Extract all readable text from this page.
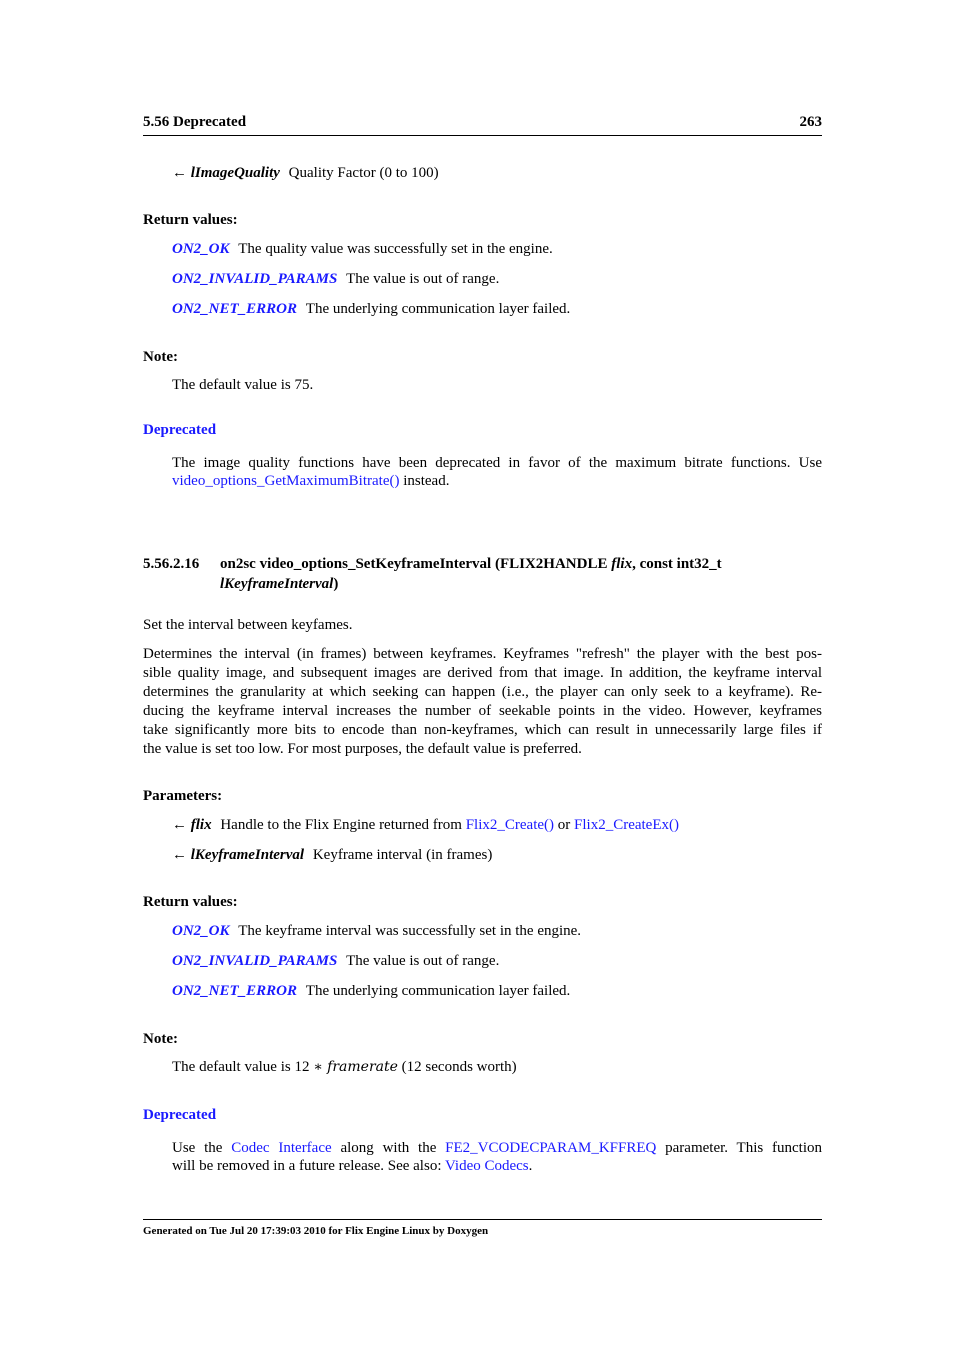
5.56 Deprecated	263
← lImageQuality Quality Factor (0 to 100)
Return values:
ON2_OK The quality value was successfully set in the engine.
ON2_INVALID_PARAMS The value is out of range.
ON2_NET_ERROR The underlying communication layer failed.
Note:
The default value is 75.
Deprecated
The image quality functions have been deprecated in favor of the maximum bitrate functions. Use
video_options_GetMaximumBitrate() instead.
5.56.2.16 on2sc video_options_SetKeyframeInterval (FLIX2HANDLE flix, const int32_t
lKeyframeInterval)
Set the interval between keyfames.
Determines the interval (in frames) between keyframes. Keyframes "refresh" the player with the best pos-
sible quality image, and subsequent images are derived from that image. In addition, the keyframe interval
determines the granularity at which seeking can happen (i.e., the player can only seek to a keyframe). Re-
ducing the keyframe interval increases the number of seekable points in the video. However, keyframes
take significantly more bits to encode than non-keyframes, which can result in unnecessarily large files if
the value is set too low. For most purposes, the default value is preferred.
Parameters:
← flix Handle to the Flix Engine returned from Flix2_Create() or Flix2_CreateEx()
← lKeyframeInterval Keyframe interval (in frames)
Return values:
ON2_OK The keyframe interval was successfully set in the engine.
ON2_INVALID_PARAMS The value is out of range.
ON2_NET_ERROR The underlying communication layer failed.
Note:
The default value is 12 ∗ framerate (12 seconds worth)
Deprecated
Use the Codec Interface along with the FE2_VCODECPARAM_KFFREQ parameter. This function
will be removed in a future release. See also: Video Codecs.
Generated on Tue Jul 20 17:39:03 2010 for Flix Engine Linux by Doxygen
